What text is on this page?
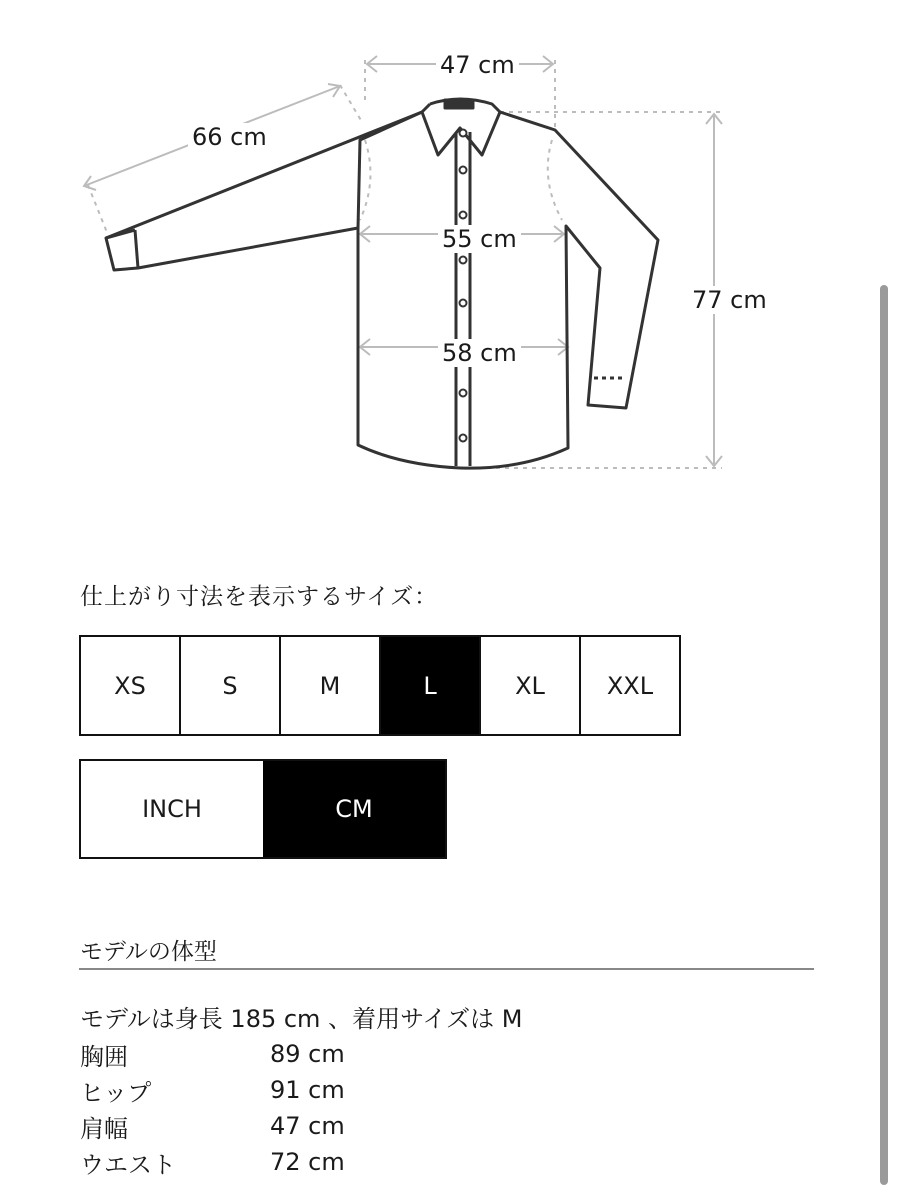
47 cm
66 cm
55 cm
58 cm
77 cm
仕上がり寸法を表示するサイズ：
XS	S	M	L	XL	XXL
INCH	CM
モデルの体型
モデルは身長 185 cm 、着用サイズは M
胸囲	89 cm
ヒップ	91 cm
肩幅	47 cm
ウエスト	72 cm
